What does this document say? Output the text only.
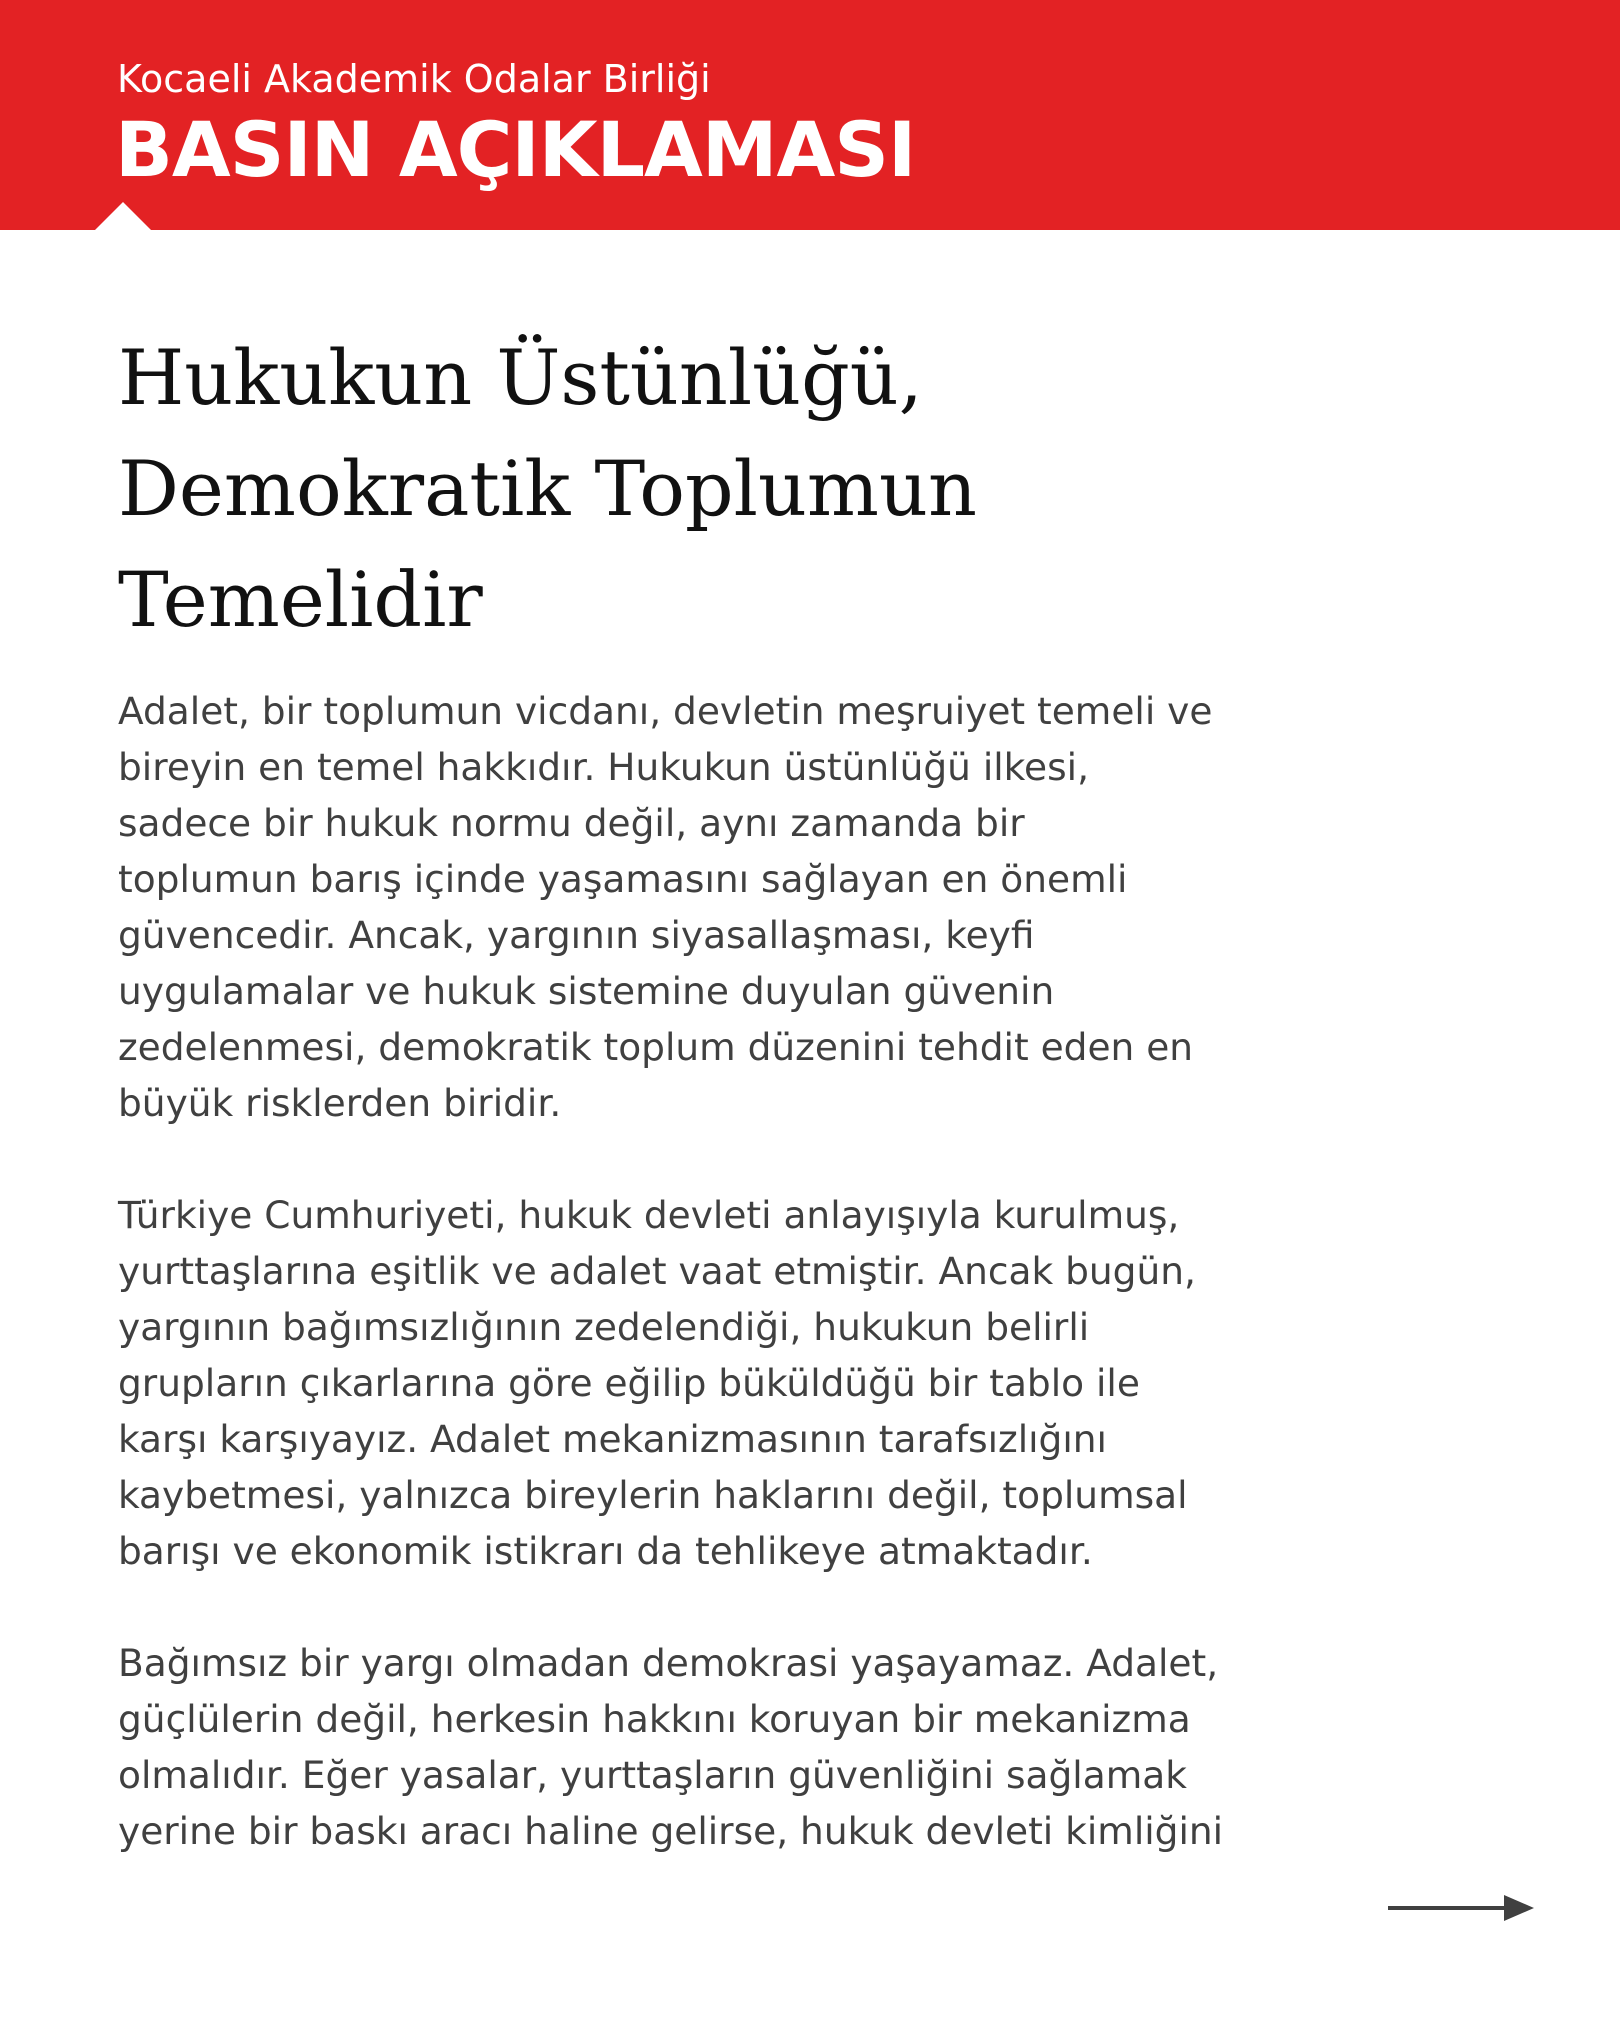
Kocaeli Akademik Odalar Birliği

BASIN AÇIKLAMASI

Hukukun Üstünlüğü,
Demokratik Toplumun
Temelidir

Adalet, bir toplumun vicdanı, devletin meşruiyet temeli ve
bireyin en temel hakkıdır. Hukukun üstünlüğü ilkesi,
sadece bir hukuk normu değil, aynı zamanda bir
toplumun barış içinde yaşamasını sağlayan en önemli
güvencedir. Ancak, yargının siyasallaşması, keyfi
uygulamalar ve hukuk sistemine duyulan güvenin
zedelenmesi, demokratik toplum düzenini tehdit eden en
büyük risklerden biridir.

Türkiye Cumhuriyeti, hukuk devleti anlayışıyla kurulmuş,
yurttaşlarına eşitlik ve adalet vaat etmiştir. Ancak bugün,
yargının bağımsızlığının zedelendiği, hukukun belirli
grupların çıkarlarına göre eğilip büküldüğü bir tablo ile
karşı karşıyayız. Adalet mekanizmasının tarafsızlığını
kaybetmesi, yalnızca bireylerin haklarını değil, toplumsal
barışı ve ekonomik istikrarı da tehlikeye atmaktadır.

Bağımsız bir yargı olmadan demokrasi yaşayamaz. Adalet,
güçlülerin değil, herkesin hakkını koruyan bir mekanizma
olmalıdır. Eğer yasalar, yurttaşların güvenliğini sağlamak
yerine bir baskı aracı haline gelirse, hukuk devleti kimliğini
